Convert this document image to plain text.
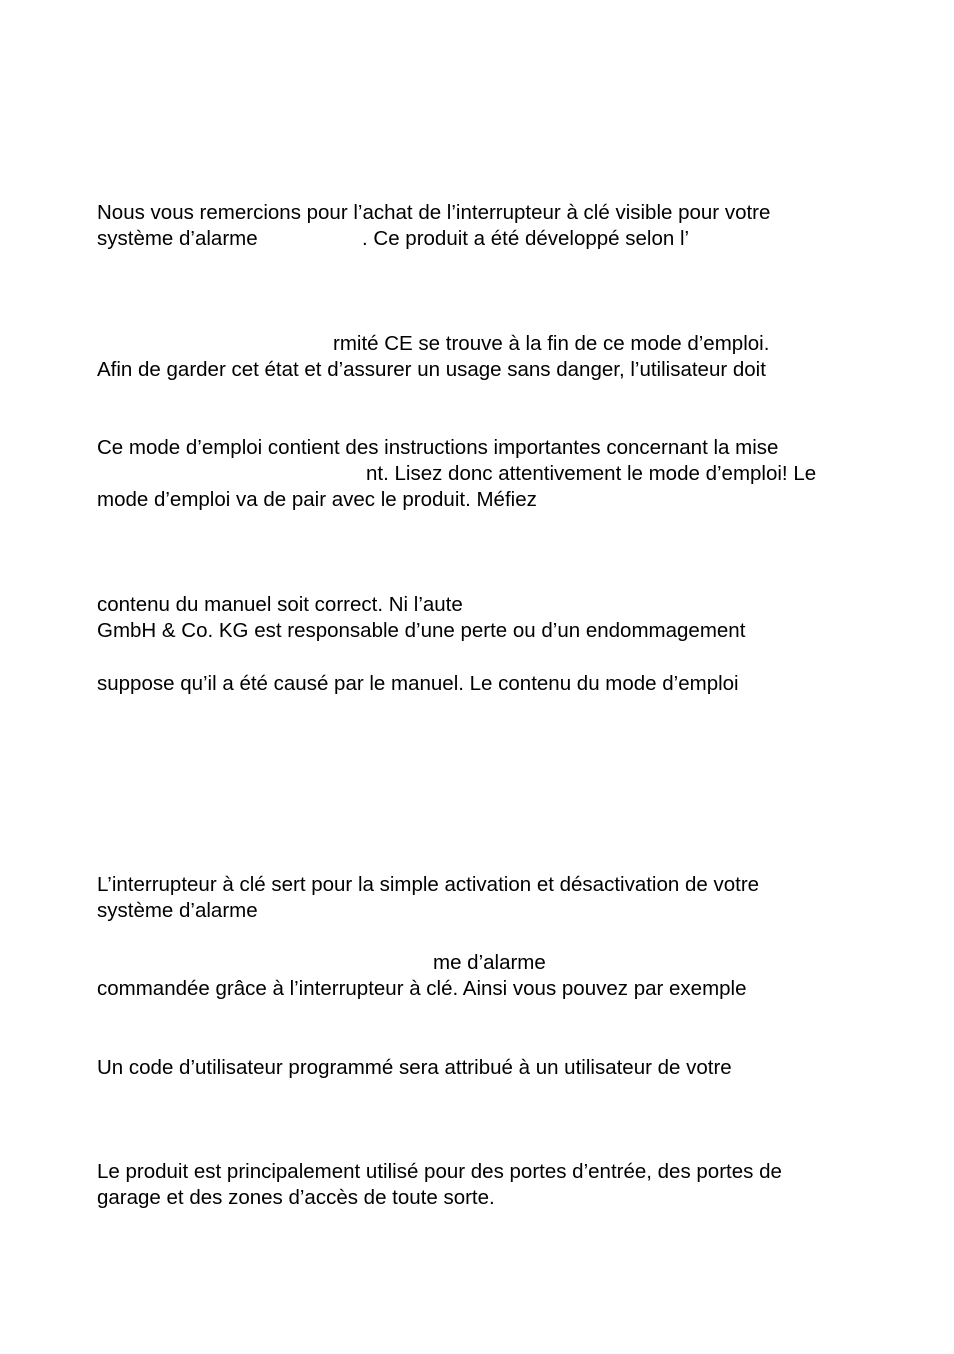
Nous vous remercions pour l’achat de l’interrupteur à clé visible pour votre

système d’alarme	. Ce produit a été développé selon l’

rmité CE se trouve à la fin de ce mode d’emploi.

Afin de garder cet état et d’assurer un usage sans danger, l’utilisateur doit

Ce mode d’emploi contient des instructions importantes concernant la mise

nt. Lisez donc attentivement le mode d’emploi! Le

mode d’emploi va de pair avec le produit. Méfiez

contenu du manuel soit correct. Ni l’aute

GmbH & Co. KG est responsable d’une perte ou d’un endommagement

suppose qu’il a été causé par le manuel. Le contenu du mode d’emploi

L’interrupteur à clé sert pour la simple activation et désactivation de votre

système d’alarme

me d’alarme

commandée grâce à l’interrupteur à clé. Ainsi vous pouvez par exemple

Un code d’utilisateur programmé sera attribué à un utilisateur de votre

Le produit est principalement utilisé pour des portes d’entrée, des portes de

garage et des zones d’accès de toute sorte.
